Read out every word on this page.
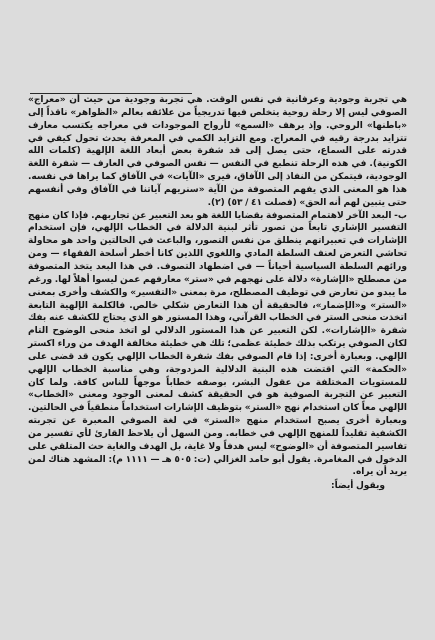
هي تجربة وجودية وعرفانية في نفس الوقت. هي تجربة وجودية من حيث أن «معراج» الصوفي ليس إلا رحلة روحية يتخلص فيها تدريجياً من علائقه بعالم «الظواهر» ناقذاً إلى «باطنها» الروحي. وإذ يرهف «السمع» لأرواح الموجودات في معراجه يكتسب معارف تتزايد بدرجة رقيه في المعراج. ومع التزايد الكمي في المعرفة يحدث تحول كيفي في قدرته على السماع، حتى يصل إلى قد شفرة بعض أبعاد اللغة الإلهية (كلمات الله الكونية). في هذه الرحلة تنطبع في النفس — نفس الصوفي في العارف — شفرة اللغة الوجودية، فيتمكن من النفاذ إلى الآفاق، فيرى «الآيات» في الآفاق كما يراها في نفسه. هذا هو المعنى الذي يفهم المتصوفة من الآية «سنريهم آياتنا في الآفاق وفي أنفسهم حتى يتبين لهم أنه الحق» (فصلت ٤١ / ٥٣) (٢).

ب- البعد الآخر لاهتمام المتصوفة بقضايا اللغة هو بعد التعبير عن تجاربهم. فإذا كان منهج التفسير الإشاري تابعاً من تصور تأثر لبنية الدلالة في الخطاب الإلهي، فإن استخدام الإشارات في تعبيراتهم ينطلق من نفس التصور، والباعث في الحالتين واحد هو محاولة تحاشي التعرض لعنف السلطة المادي واللغوي اللذين كانا أخطر أسلحة الفقهاء — ومن ورائهم السلطة السياسية أحياناً — في اضطهاد التصوف. في هذا البعد يتخذ المتصوفة من مصطلح «الإشارة» دلالة على نهجهم في «ستر» معارفهم عمن ليسوا أهلاً لها. ورغم ما يبدو من تعارض في توظيف المصطلح، مرة بمعنى «التفسير» والكشف وأخرى بمعنى «الستر» و«الإضمار»، فالحقيقة أن هذا التعارض شكلي خالص. فالكلمة الإلهية التابعة اتخذت منحى الستر في الخطاب القرآني، وهذا المستور هو الذي يحتاج للكشف عنه بفك شفرة «الإشارات». لكن التعبير عن هذا المستور الدلالي لو اتخذ منحى الوضوح التام لكان الصوفي يرتكب بذلك خطيئة عظمى؛ تلك هي خطيئة مخالفة الهدف من وراء اكستر الإلهي. وبعبارة أخرى: إذا قام الصوفي بفك شفرة الخطاب الإلهي يكون قد قضى على «الحكمة» التي اقتضت هذه البنية الدلالية المزدوجة، وهي مناسبة الخطاب الإلهي للمستويات المختلفة من عقول البشر، بوصفه خطاباً موجهاً للناس كافة. ولما كان التعبير عن التجربة الصوفية هو في الحقيقة كشف لمعنى الوجود ومعنى «الخطاب» الإلهي معاً كان استخدام نهج «الستر» بتوظيف الإشارات استخداماً منطقياً في الحالتين. وبعبارة أخرى يصبح استخدام منهج «الستر» في لغة الصوفي المعبرة عن تجربته الكشفية تقليداً للمنهج الإلهي في خطابه. ومن السهل أن يلاحظ القارئ لأي تفسير من تفاسير المتصوفة أن «الوضوح» ليس هدفاً ولا غاية، بل الهدف والغاية حث المتلقي على الدخول في المغامرة. يقول أبو حامد الغزالي (ت: ٥٠٥ هـ — ١١١١ م): المشهد هناك لمن يريد أن يراه.

ويقول أيضاً:
